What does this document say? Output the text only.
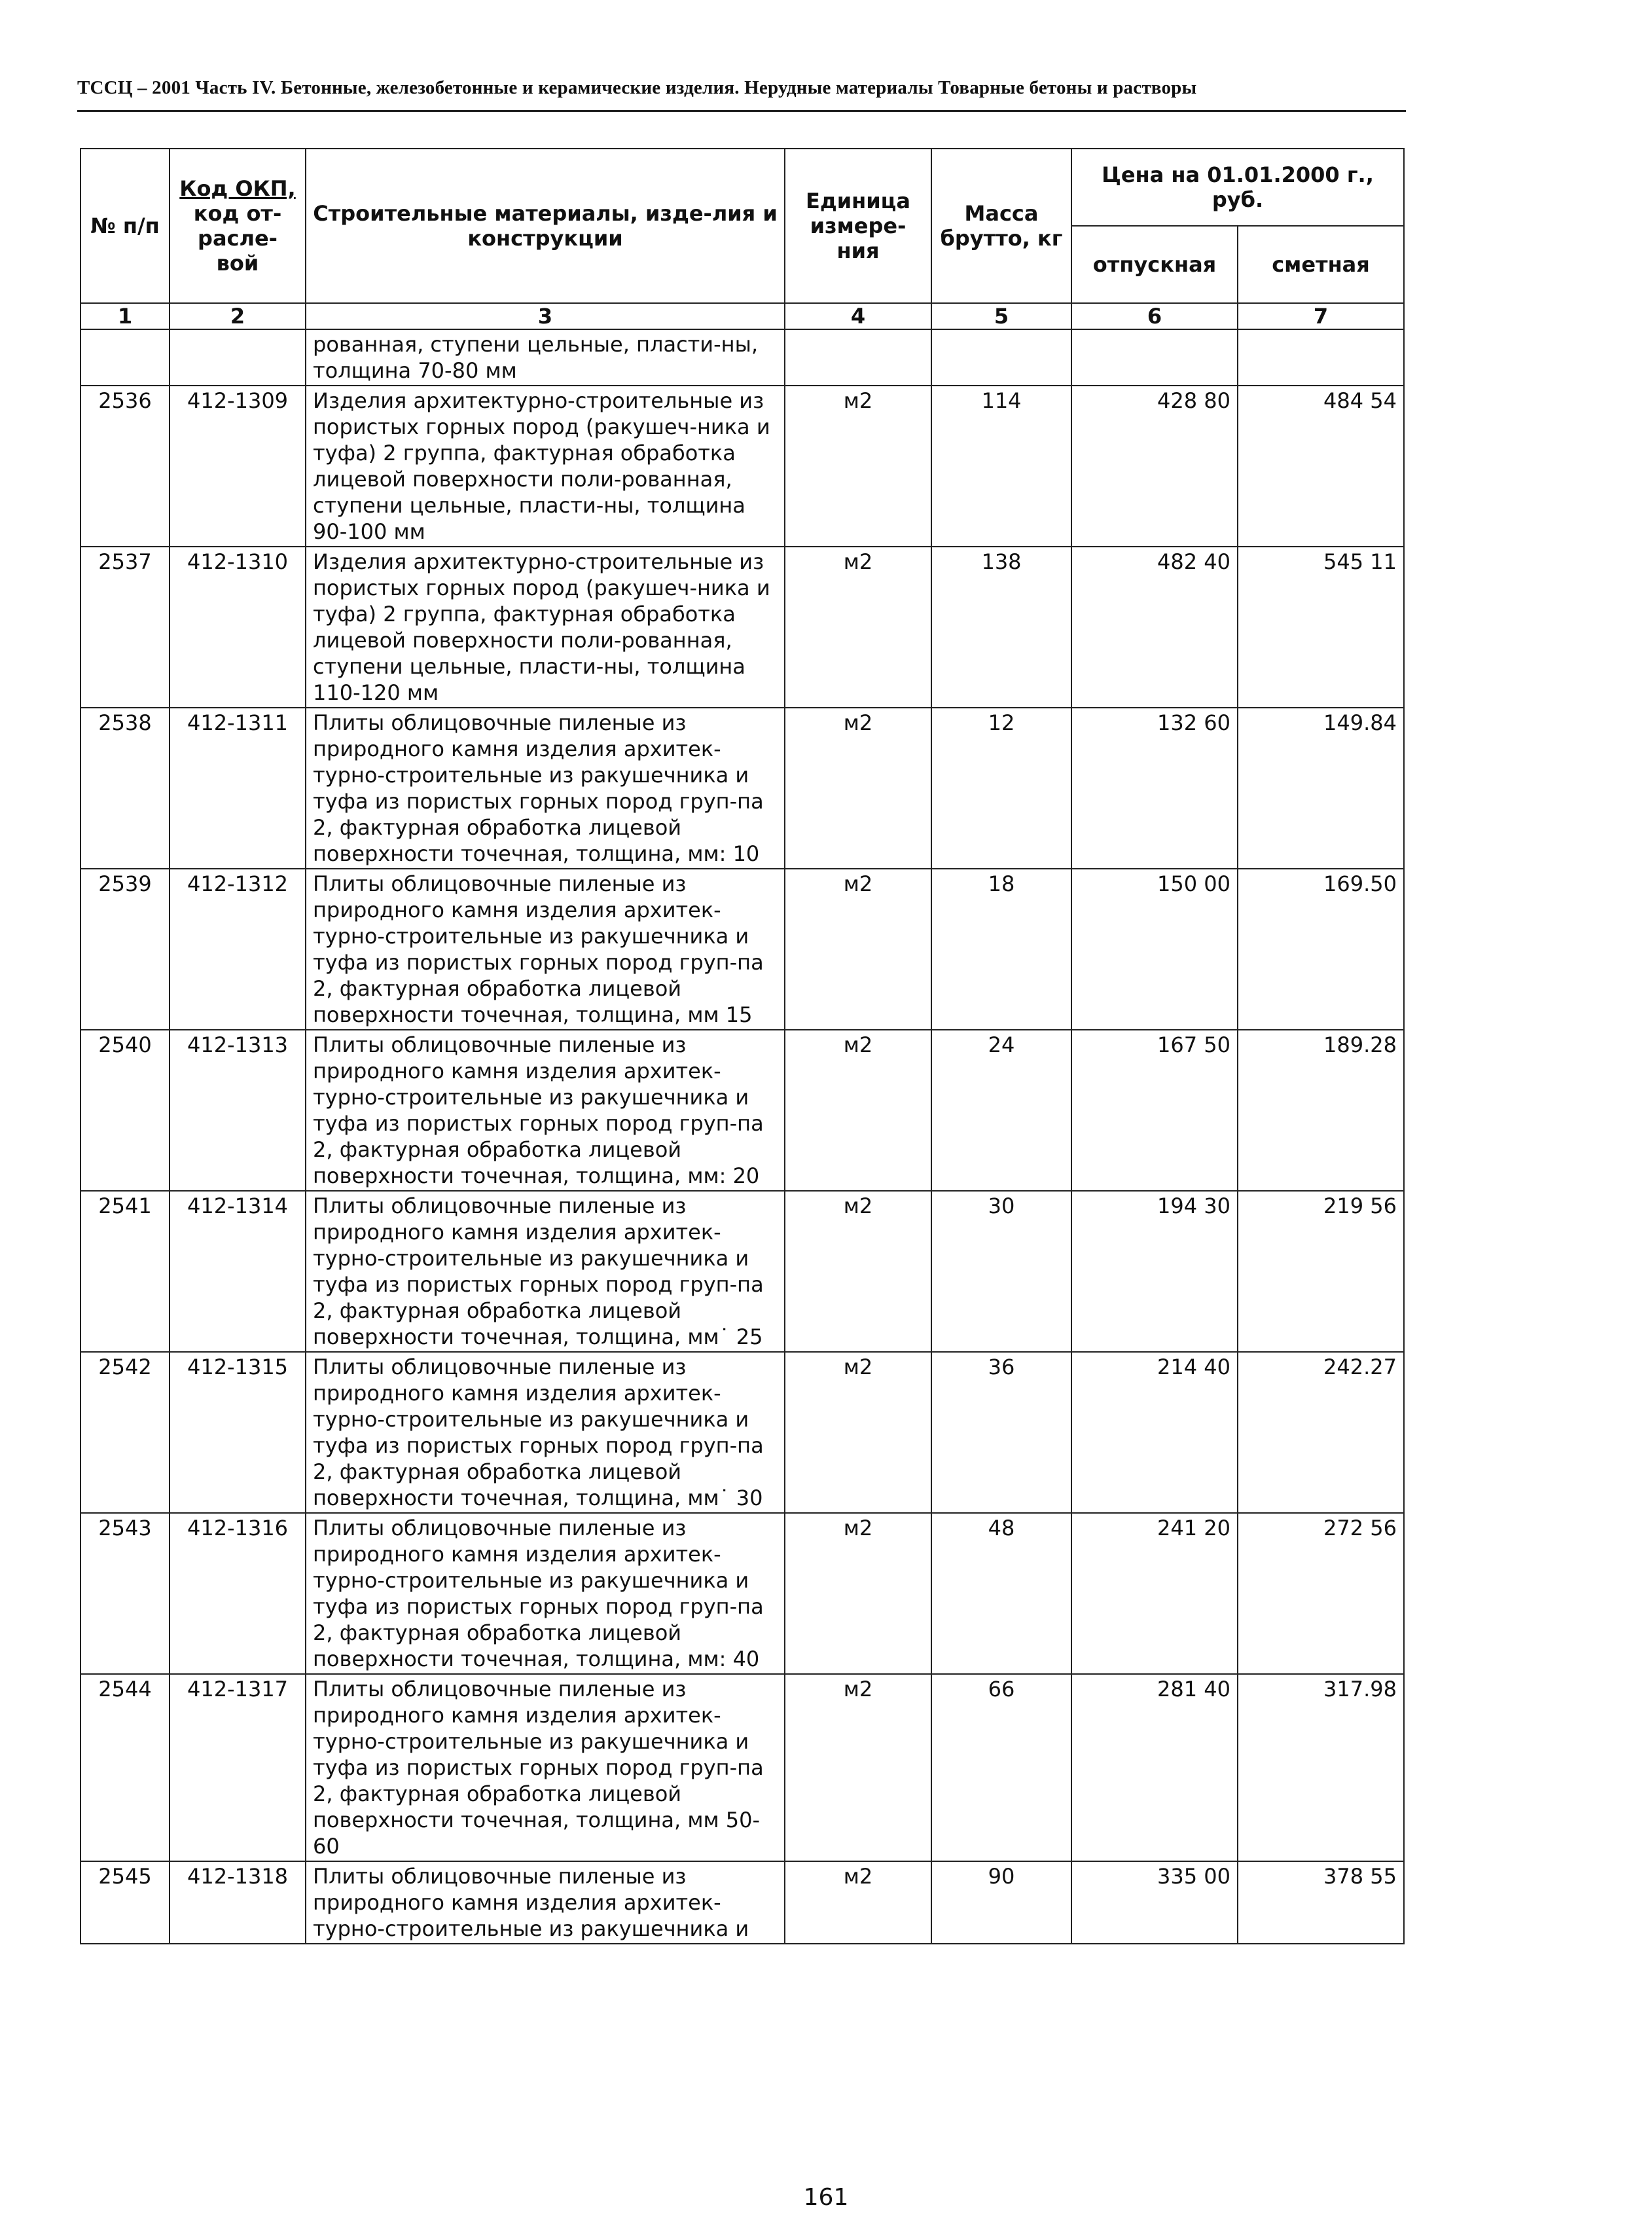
ТССЦ – 2001 Часть IV. Бетонные, железобетонные и керамические изделия. Нерудные материалы Товарные бетоны и растворы
№ п/п	Код ОКП, код от-расле-вой	Строительные материалы, изде-лия и конструкции	Единица измере-ния	Масса брутто, кг	Цена на 01.01.2000 г., руб.	
					отпускная	сметная
1	2	3	4	5	6	7
		рованная, ступени цельные, пласти-ны, толщина 70-80 мм				
2536	412-1309	Изделия архитектурно-строительные из пористых горных пород (ракушеч-ника и туфа) 2 группа, фактурная обработка лицевой поверхности поли-рованная, ступени цельные, пласти-ны, толщина 90-100 мм	м2	114	428 80	484 54
2537	412-1310	Изделия архитектурно-строительные из пористых горных пород (ракушеч-ника и туфа) 2 группа, фактурная обработка лицевой поверхности поли-рованная, ступени цельные, пласти-ны, толщина 110-120 мм	м2	138	482 40	545 11
2538	412-1311	Плиты облицовочные пиленые из природного камня изделия архитек-турно-строительные из ракушечника и туфа из пористых горных пород груп-па 2, фактурная обработка лицевой поверхности точечная, толщина, мм: 10	м2	12	132 60	149.84
2539	412-1312	Плиты облицовочные пиленые из природного камня изделия архитек-турно-строительные из ракушечника и туфа из пористых горных пород груп-па 2, фактурная обработка лицевой поверхности точечная, толщина, мм 15	м2	18	150 00	169.50
2540	412-1313	Плиты облицовочные пиленые из природного камня изделия архитек-турно-строительные из ракушечника и туфа из пористых горных пород груп-па 2, фактурная обработка лицевой поверхности точечная, толщина, мм: 20	м2	24	167 50	189.28
2541	412-1314	Плиты облицовочные пиленые из природного камня изделия архитек-турно-строительные из ракушечника и туфа из пористых горных пород груп-па 2, фактурная обработка лицевой поверхности точечная, толщина, мм˙ 25	м2	30	194 30	219 56
2542	412-1315	Плиты облицовочные пиленые из природного камня изделия архитек-турно-строительные из ракушечника и туфа из пористых горных пород груп-па 2, фактурная обработка лицевой поверхности точечная, толщина, мм˙ 30	м2	36	214 40	242.27
2543	412-1316	Плиты облицовочные пиленые из природного камня изделия архитек-турно-строительные из ракушечника и туфа из пористых горных пород груп-па 2, фактурная обработка лицевой поверхности точечная, толщина, мм: 40	м2	48	241 20	272 56
2544	412-1317	Плиты облицовочные пиленые из природного камня изделия архитек-турно-строительные из ракушечника и туфа из пористых горных пород груп-па 2, фактурная обработка лицевой поверхности точечная, толщина, мм 50-60	м2	66	281 40	317.98
2545	412-1318	Плиты облицовочные пиленые из природного камня изделия архитек-турно-строительные из ракушечника и	м2	90	335 00	378 55
161
